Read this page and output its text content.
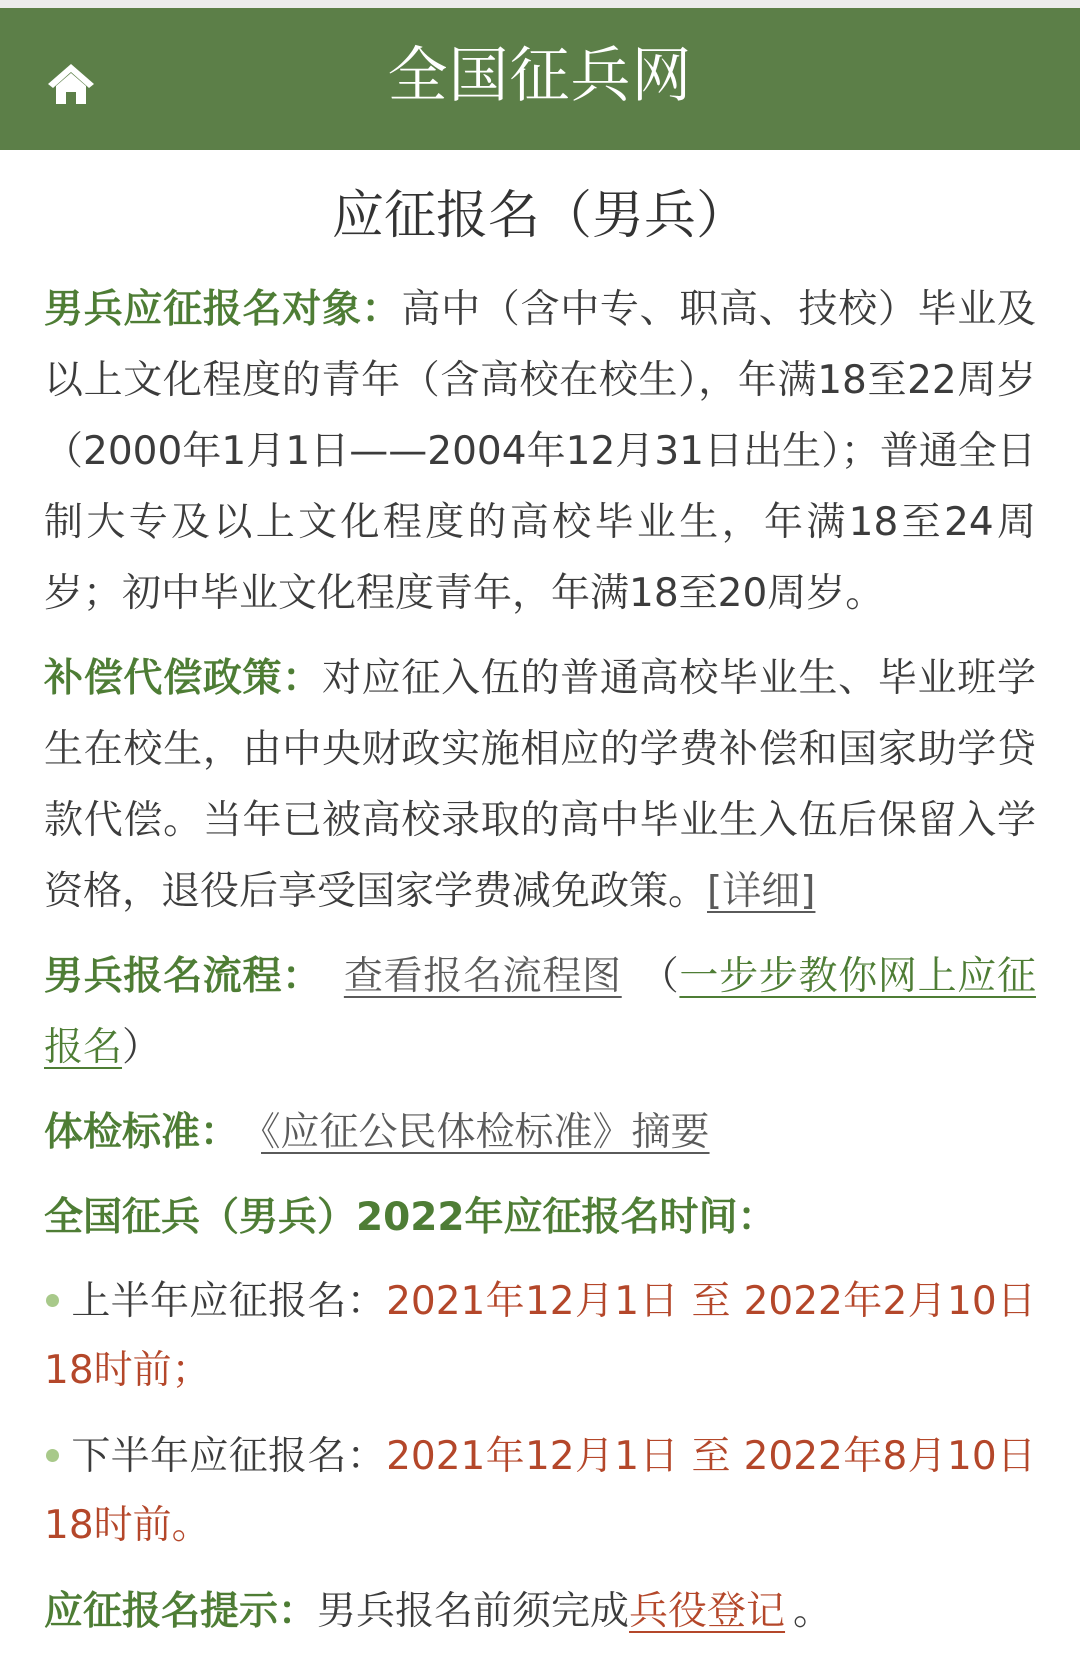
全国征兵网
应征报名（男兵）

男兵应征报名对象：高中（含中专、职高、技校）毕业及以上文化程度的青年（含高校在校生），年满18至22周岁（2000年1月1日——2004年12月31日出生）；普通全日制大专及以上文化程度的高校毕业生，年满18至24周岁；初中毕业文化程度青年，年满18至20周岁。

补偿代偿政策：对应征入伍的普通高校毕业生、毕业班学生在校生，由中央财政实施相应的学费补偿和国家助学贷款代偿。当年已被高校录取的高中毕业生入伍后保留入学资格，退役后享受国家学费减免政策。[详细]

男兵报名流程： 查看报名流程图 （一步步教你网上应征报名）

体检标准： 《应征公民体检标准》摘要

全国征兵（男兵）2022年应征报名时间：

上半年应征报名：2021年12月1日 至 2022年2月10日18时前；

下半年应征报名：2021年12月1日 至 2022年8月10日18时前。

应征报名提示：男兵报名前须完成兵役登记 。
